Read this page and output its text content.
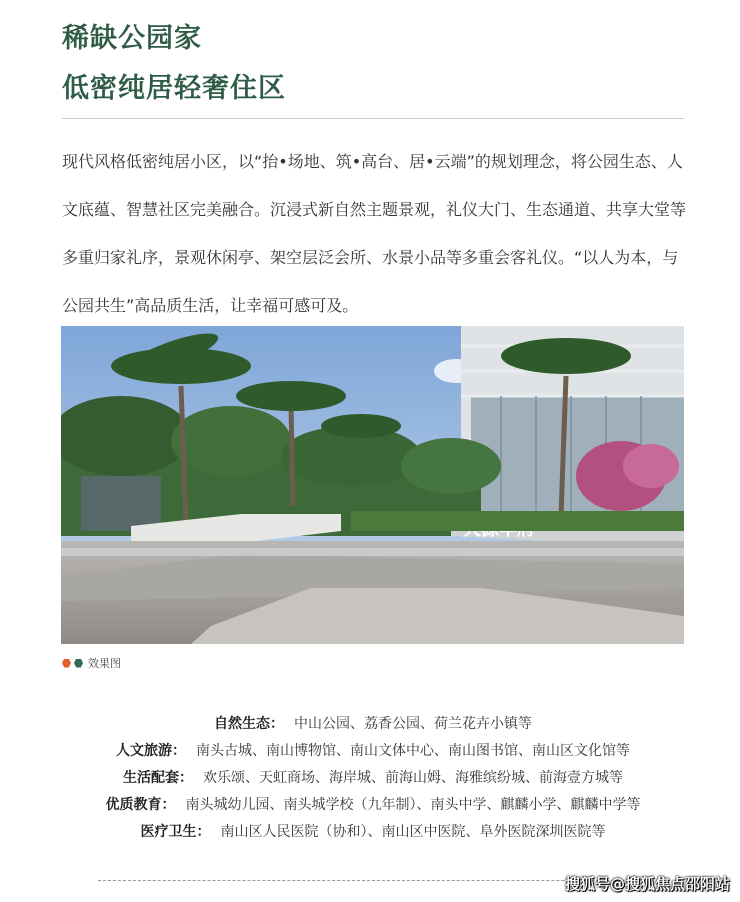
稀缺公园家
低密纯居轻奢住区

现代风格低密纯居小区，以“抬•场地、筑•高台、居•云端”的规划理念，将公园生态、人文底蕴、智慧社区完美融合。沉浸式新自然主题景观，礼仪大门、生态通道、共享大堂等多重归家礼序，景观休闲亭、架空层泛会所、水景小品等多重会客礼仪。“以人为本，与公园共生”高品质生活，让幸福可感可及。

效果图
自然生态： 中山公园、荔香公园、荷兰花卉小镇等
人文旅游： 南头古城、南山博物馆、南山文体中心、南山图书馆、南山区文化馆等
生活配套： 欢乐颂、天虹商场、海岸城、前海山姆、海雅缤纷城、前海壹方城等
优质教育： 南头城幼儿园、南头城学校（九年制）、南头中学、麒麟小学、麒麟中学等
医疗卫生： 南山区人民医院（协和）、南山区中医院、阜外医院深圳医院等
搜狐号@搜狐焦点邵阳站
